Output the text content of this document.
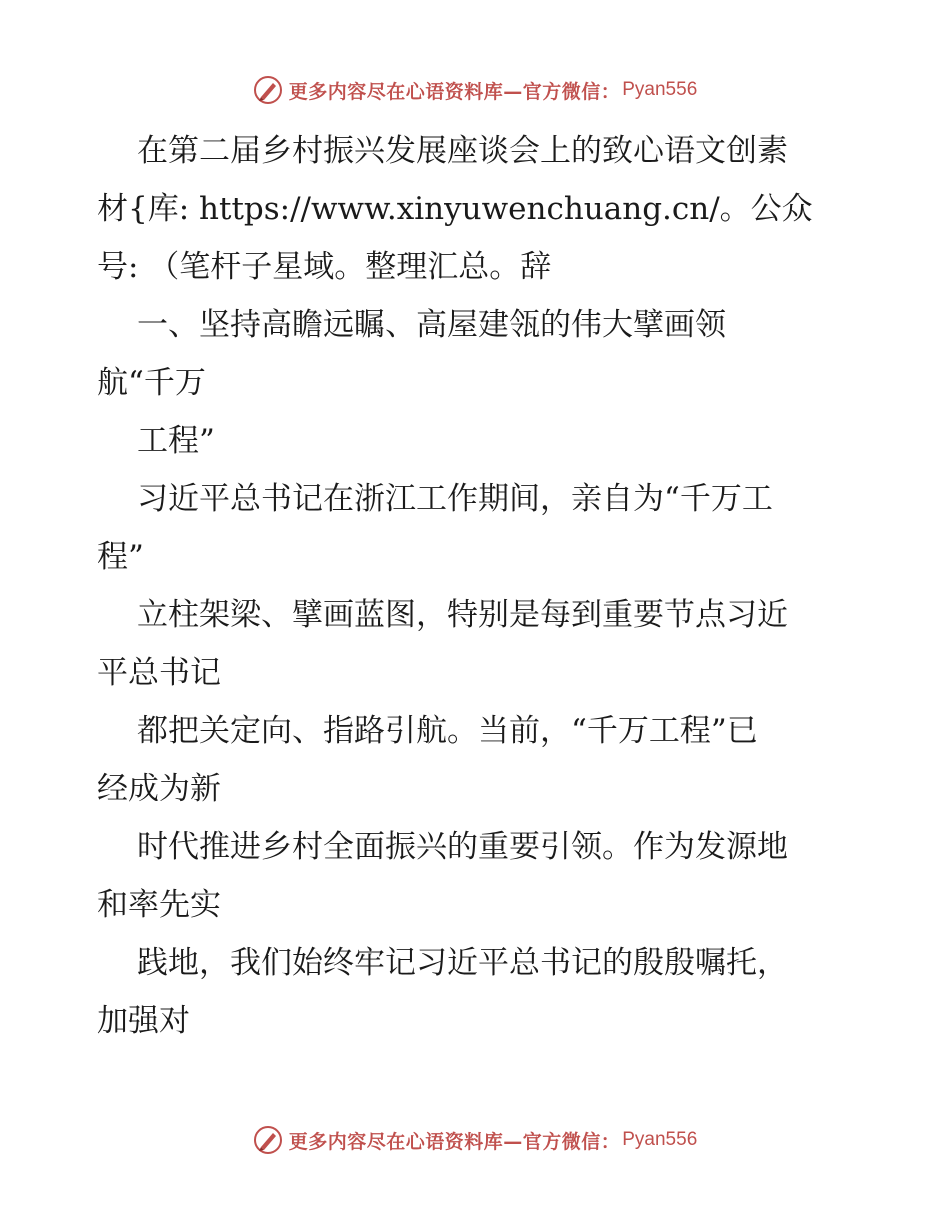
更多内容尽在心语资料库—官方微信： Pyan556
在第二届乡村振兴发展座谈会上的致心语文创素
材{库: https://www.xinyuwenchuang.cn/。公众
号: （笔杆子星域。整理汇总。辞
一、坚持高瞻远瞩、高屋建瓴的伟大擘画领
航“千万
工程”
习近平总书记在浙江工作期间，亲自为“千万工
程”
立柱架梁、擘画蓝图，特别是每到重要节点习近
平总书记
都把关定向、指路引航。当前，“千万工程”已
经成为新
时代推进乡村全面振兴的重要引领。作为发源地
和率先实
践地，我们始终牢记习近平总书记的殷殷嘱托，
加强对
更多内容尽在心语资料库—官方微信： Pyan556
